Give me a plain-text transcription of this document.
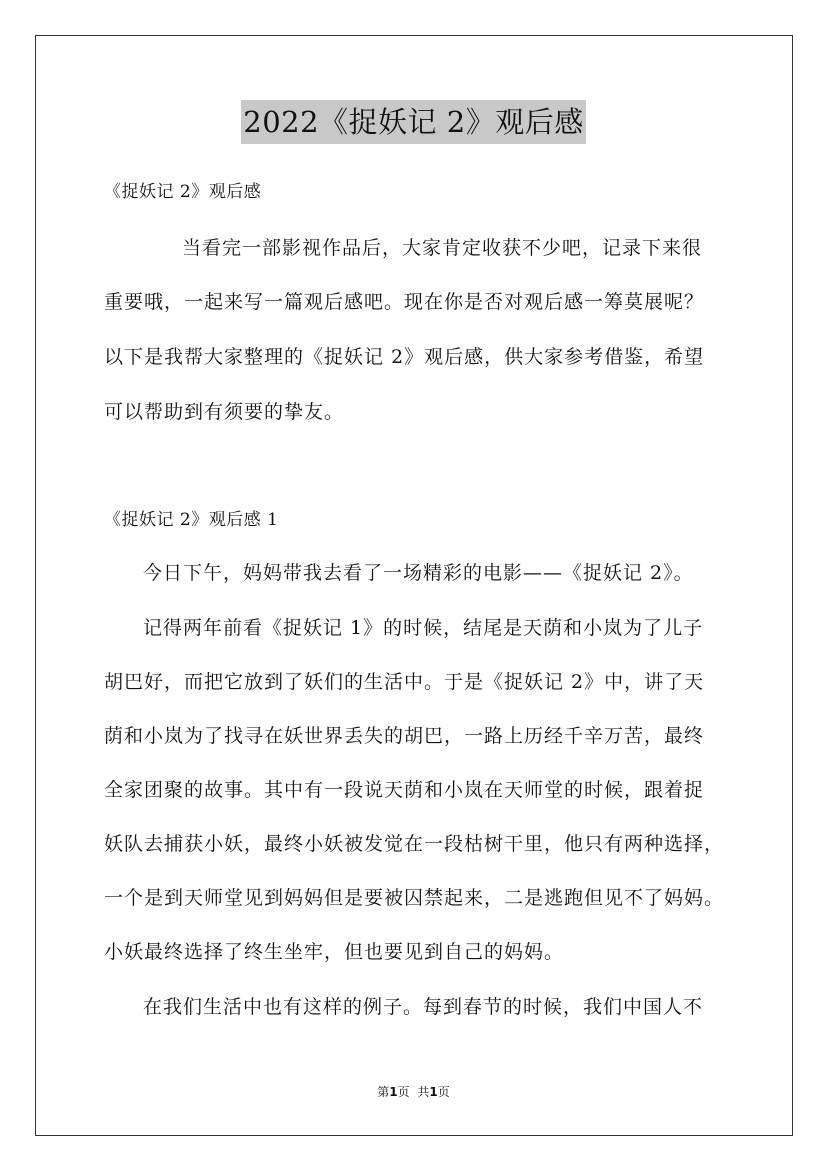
2022《捉妖记 2》观后感
《捉妖记 2》观后感
当看完一部影视作品后，大家肯定收获不少吧，记录下来很
重要哦，一起来写一篇观后感吧。现在你是否对观后感一筹莫展呢？
以下是我帮大家整理的《捉妖记 2》观后感，供大家参考借鉴，希望
可以帮助到有须要的挚友。
《捉妖记 2》观后感 1
今日下午，妈妈带我去看了一场精彩的电影——《捉妖记 2》。
记得两年前看《捉妖记 1》的时候，结尾是天荫和小岚为了儿子
胡巴好，而把它放到了妖们的生活中。于是《捉妖记 2》中，讲了天
荫和小岚为了找寻在妖世界丢失的胡巴，一路上历经千辛万苦，最终
全家团聚的故事。其中有一段说天荫和小岚在天师堂的时候，跟着捉
妖队去捕获小妖，最终小妖被发觉在一段枯树干里，他只有两种选择，
一个是到天师堂见到妈妈但是要被囚禁起来，二是逃跑但见不了妈妈。
小妖最终选择了终生坐牢，但也要见到自己的妈妈。
在我们生活中也有这样的例子。每到春节的时候，我们中国人不
第1页 共1页
